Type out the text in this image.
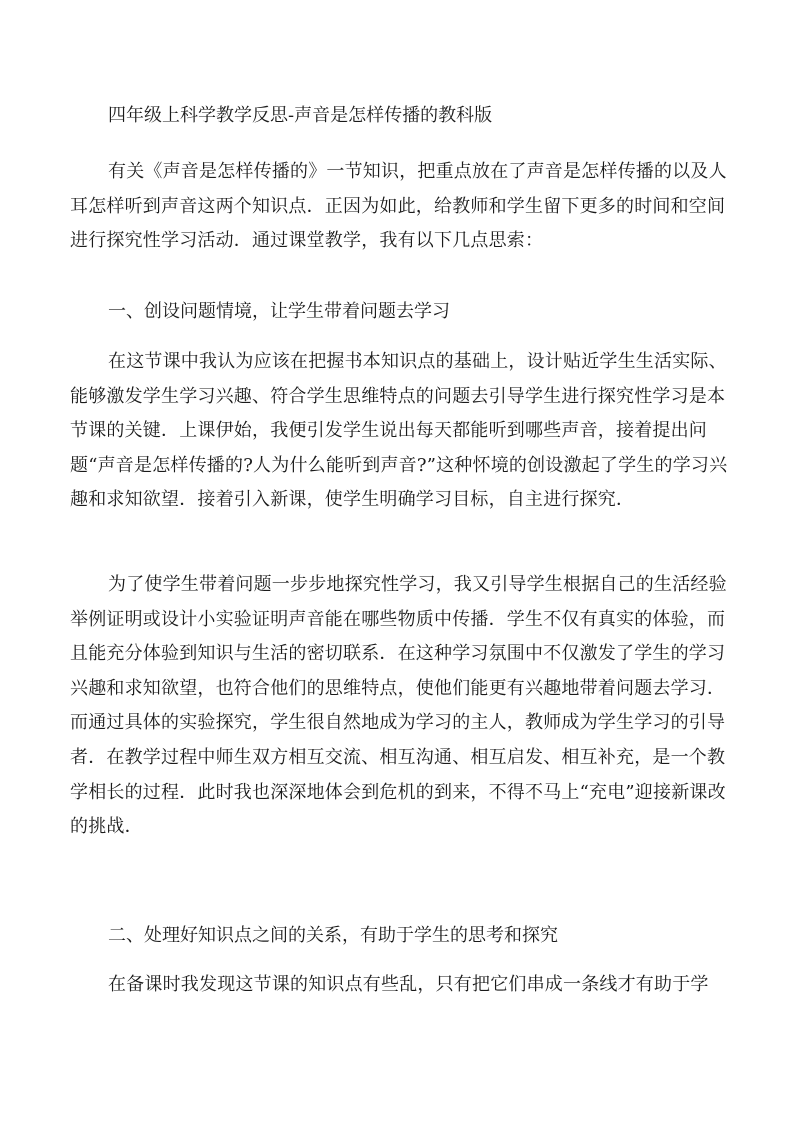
四年级上科学教学反思-声音是怎样传播的教科版
有关《声音是怎样传播的》一节知识，把重点放在了声音是怎样传播的以及人耳怎样听到声音这两个知识点．正因为如此，给教师和学生留下更多的时间和空间进行探究性学习活动．通过课堂教学，我有以下几点思索：
一、创设问题情境，让学生带着问题去学习
在这节课中我认为应该在把握书本知识点的基础上，设计贴近学生生活实际、能够激发学生学习兴趣、符合学生思维特点的问题去引导学生进行探究性学习是本节课的关键．上课伊始，我便引发学生说出每天都能听到哪些声音，接着提出问题“声音是怎样传播的?人为什么能听到声音?”这种怀境的创设激起了学生的学习兴趣和求知欲望．接着引入新课，使学生明确学习目标，自主进行探究．
为了使学生带着问题一步步地探究性学习，我又引导学生根据自己的生活经验举例证明或设计小实验证明声音能在哪些物质中传播．学生不仅有真实的体验，而且能充分体验到知识与生活的密切联系．在这种学习氛围中不仅激发了学生的学习兴趣和求知欲望，也符合他们的思维特点，使他们能更有兴趣地带着问题去学习．而通过具体的实验探究，学生很自然地成为学习的主人，教师成为学生学习的引导者．在教学过程中师生双方相互交流、相互沟通、相互启发、相互补充，是一个教学相长的过程．此时我也深深地体会到危机的到来，不得不马上“充电”迎接新课改的挑战．
二、处理好知识点之间的关系，有助于学生的思考和探究
在备课时我发现这节课的知识点有些乱，只有把它们串成一条线才有助于学
